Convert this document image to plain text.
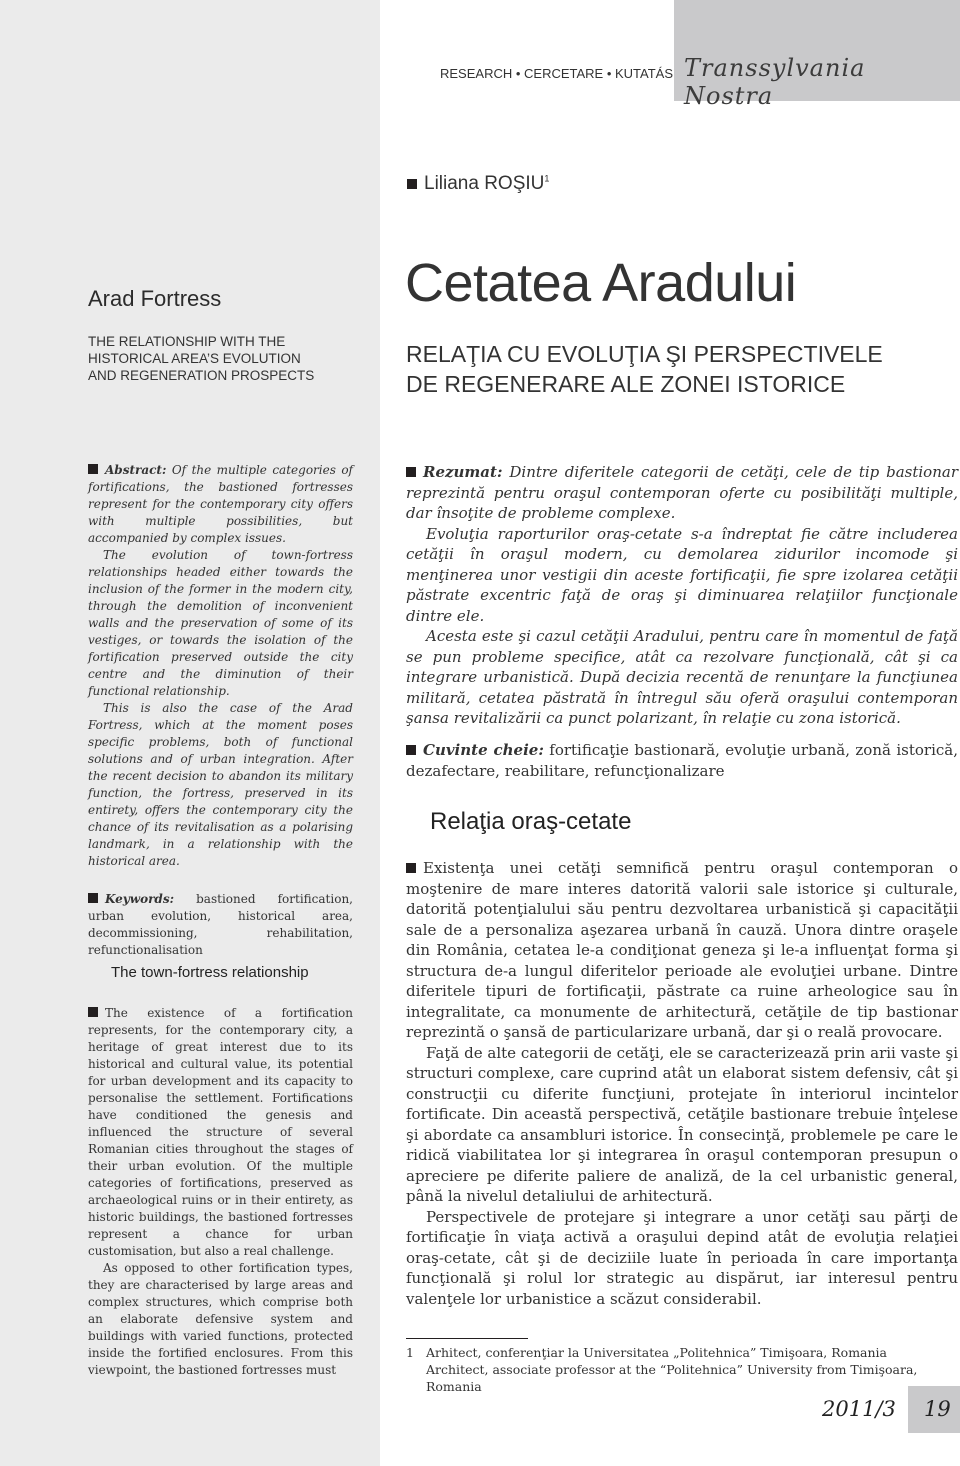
RESEARCH • CERCETARE • KUTATÁS Transsylvania Nostra
Liliana ROŞIU$^1$
Arad Fortress
THE RELATIONSHIP WITH THE
HISTORICAL AREA’S EVOLUTION
AND REGENERATION PROSPECTS
Cetatea Aradului
RELAŢIA CU EVOLUŢIA ŞI PERSPECTIVELE
DE REGENERARE ALE ZONEI ISTORICE

Abstract: Of the multiple categories of fortifications, the bastioned fortresses represent for the contemporary city offers with multiple possibilities, but accompanied by complex issues.

The evolution of town-fortress relationships headed either towards the inclusion of the former in the modern city, through the demolition of inconvenient walls and the preservation of some of its vestiges, or towards the isolation of the fortification preserved outside the city centre and the diminution of their functional relationship.

This is also the case of the Arad Fortress, which at the moment poses specific problems, both of functional solutions and of urban integration. After the recent decision to abandon its military function, the fortress, preserved in its entirety, offers the contemporary city the chance of its revitalisation as a polarising landmark, in a relationship with the historical area.

Keywords: bastioned fortification, urban evolution, historical area, decommissioning, rehabilitation, refunctionalisation

The town-fortress relationship

The existence of a fortification represents, for the contemporary city, a heritage of great interest due to its historical and cultural value, its potential for urban development and its capacity to personalise the settlement. Fortifications have conditioned the genesis and influenced the structure of several Romanian cities throughout the stages of their urban evolution. Of the multiple categories of fortifications, preserved as archaeological ruins or in their entirety, as historic buildings, the bastioned fortresses represent a chance for urban customisation, but also a real challenge.

As opposed to other fortification types, they are characterised by large areas and complex structures, which comprise both an elaborate defensive system and buildings with varied functions, protected inside the fortified enclosures. From this viewpoint, the bastioned fortresses must

Rezumat: Dintre diferitele categorii de cetăţi, cele de tip bastionar reprezintă pentru oraşul contemporan oferte cu posibilităţi multiple, dar însoţite de probleme complexe.

Evoluţia raporturilor oraş-cetate s-a îndreptat fie către includerea cetăţii în oraşul modern, cu demolarea zidurilor incomode şi menţinerea unor vestigii din aceste fortificaţii, fie spre izolarea cetăţii păstrate excentric faţă de oraş şi diminuarea relaţiilor funcţionale dintre ele.

Acesta este şi cazul cetăţii Aradului, pentru care în momentul de faţă se pun probleme specifice, atât ca rezolvare funcţională, cât şi ca integrare urbanistică. După decizia recentă de renunţare la funcţiunea militară, cetatea păstrată în întregul său oferă oraşului contemporan şansa revitalizării ca punct polarizant, în relaţie cu zona istorică.

Cuvinte cheie: fortificaţie bastionară, evoluţie urbană, zonă istorică, dezafectare, reabilitare, refuncţionalizare

Relaţia oraş-cetate

Existenţa unei cetăţi semnifică pentru oraşul contemporan o moştenire de mare interes datorită valorii sale istorice şi culturale, datorită potenţialului său pentru dezvoltarea urbanistică şi capacităţii sale de a personaliza aşezarea urbană în cauză. Unora dintre oraşele din România, cetatea le-a condiţionat geneza şi le-a influenţat forma şi structura de-a lungul diferitelor perioade ale evoluţiei urbane. Dintre diferitele tipuri de fortificaţii, păstrate ca ruine arheologice sau în integralitate, ca monumente de arhitectură, cetăţile de tip bastionar reprezintă o şansă de particularizare urbană, dar şi o reală provocare.

Faţă de alte categorii de cetăţi, ele se caracterizează prin arii vaste şi structuri complexe, care cuprind atât un elaborat sistem defensiv, cât şi construcţii cu diferite funcţiuni, protejate în interiorul incintelor fortificate. Din această perspectivă, cetăţile bastionare trebuie înţelese şi abordate ca ansambluri istorice. În consecinţă, problemele pe care le ridică viabilitatea lor şi integrarea în oraşul contemporan presupun o apreciere pe diferite paliere de analiză, de la cel urbanistic general, până la nivelul detaliului de arhitectură.

Perspectivele de protejare şi integrare a unor cetăţi sau părţi de fortificaţie în viaţa activă a oraşului depind atât de evoluţia relaţiei oraş-cetate, cât şi de deciziile luate în perioada în care importanţa funcţională şi rolul lor strategic au dispărut, iar interesul pentru valenţele lor urbanistice a scăzut considerabil.

1 Arhitect, conferenţiar la Universitatea „Politehnica” Timişoara, Romania
Architect, associate professor at the “Politehnica” University from Timişoara, Romania
2011/3 19
